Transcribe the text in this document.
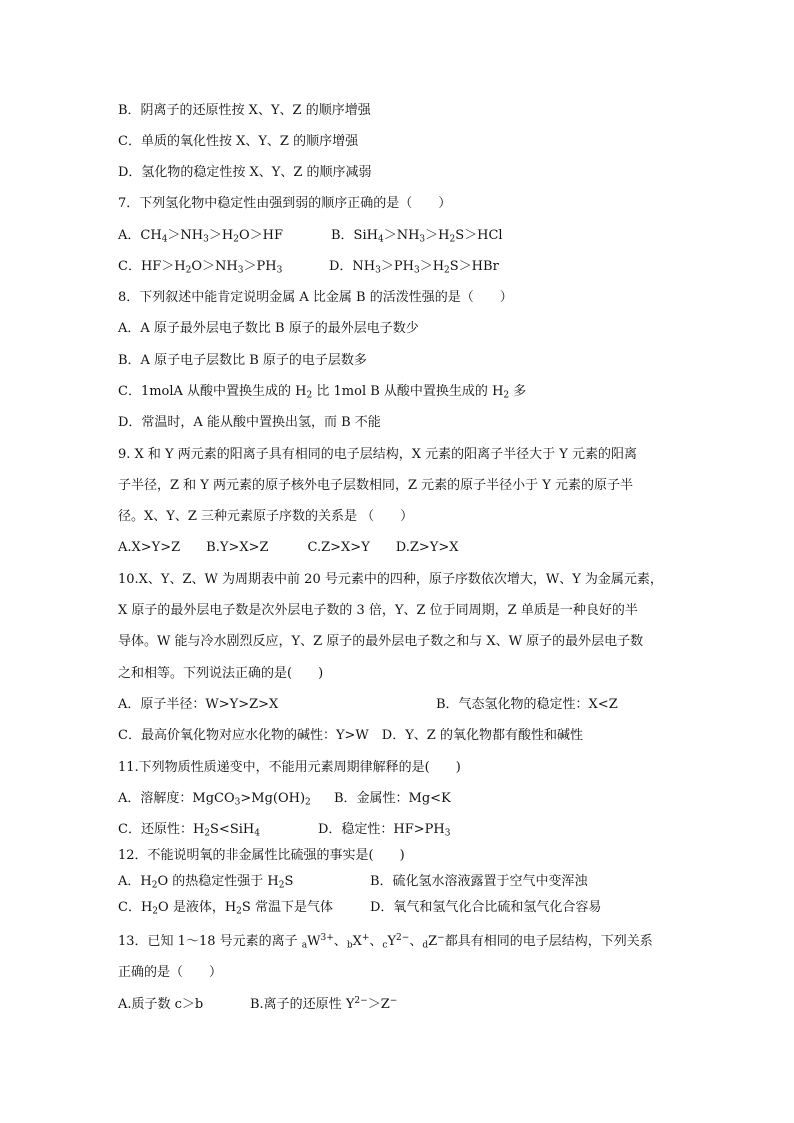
B．阴离子的还原性按 X、Y、Z 的顺序增强
C．单质的氧化性按 X、Y、Z 的顺序增强
D．氢化物的稳定性按 X、Y、Z 的顺序减弱
7．下列氢化物中稳定性由强到弱的顺序正确的是（　　）
A．$CH_4>NH_3>H_2O>HF$	B．$SiH_4>NH_3>H_2S>HCl$
C．$HF>H_2O>NH_3>PH_3$	D．$NH_3>PH_3>H_2S>HBr$
8．下列叙述中能肯定说明金属 A 比金属 B 的活泼性强的是（　　）
A．A 原子最外层电子数比 B 原子的最外层电子数少
B．A 原子电子层数比 B 原子的电子层数多
C．1molA 从酸中置换生成的 $H_2$ 比 1mol B 从酸中置换生成的 $H_2$ 多
D．常温时，A 能从酸中置换出氢，而 B 不能
9. X 和 Y 两元素的阳离子具有相同的电子层结构，X 元素的阳离子半径大于 Y 元素的阳离
子半径，Z 和 Y 两元素的原子核外电子层数相同，Z 元素的原子半径小于 Y 元素的原子半
径。X、Y、Z 三种元素原子序数的关系是 （　　）
A.X>Y>Z　　B.Y>X>Z　　　C.Z>X>Y　　D.Z>Y>X
10.X、Y、Z、W 为周期表中前 20 号元素中的四种，原子序数依次增大，W、Y 为金属元素，
X 原子的最外层电子数是次外层电子数的 3 倍，Y、Z 位于同周期，Z 单质是一种良好的半
导体。W 能与冷水剧烈反应，Y、Z 原子的最外层电子数之和与 X、W 原子的最外层电子数
之和相等。下列说法正确的是(　　)
A．原子半径：W>Y>Z>X	B．气态氢化物的稳定性：X<Z
C．最高价氧化物对应水化物的碱性：Y>W　D．Y、Z 的氧化物都有酸性和碱性
11.下列物质性质递变中，不能用元素周期律解释的是(　　)
A．溶解度：$MgCO_3>Mg(OH)_2$ B．金属性：Mg<K
C．还原性：$H_2S<SiH_4$	D．稳定性：$HF>PH_3$
12．不能说明氧的非金属性比硫强的事实是(　　)
A．$H_2O$ 的热稳定性强于 $H_2S$	B．硫化氢水溶液露置于空气中变浑浊
C．$H_2O$ 是液体，$H_2S$ 常温下是气体	D．氧气和氢气化合比硫和氢气化合容易
13．已知 1～18 号元素的离子 $_aW^{3+}$、$_b$X+、$_cY^{2-}$、$_d$Z−都具有相同的电子层结构，下列关系
正确的是（　　）
A.质子数 c＞b	B.离子的还原性 $Y^{2-}>Z^-$
